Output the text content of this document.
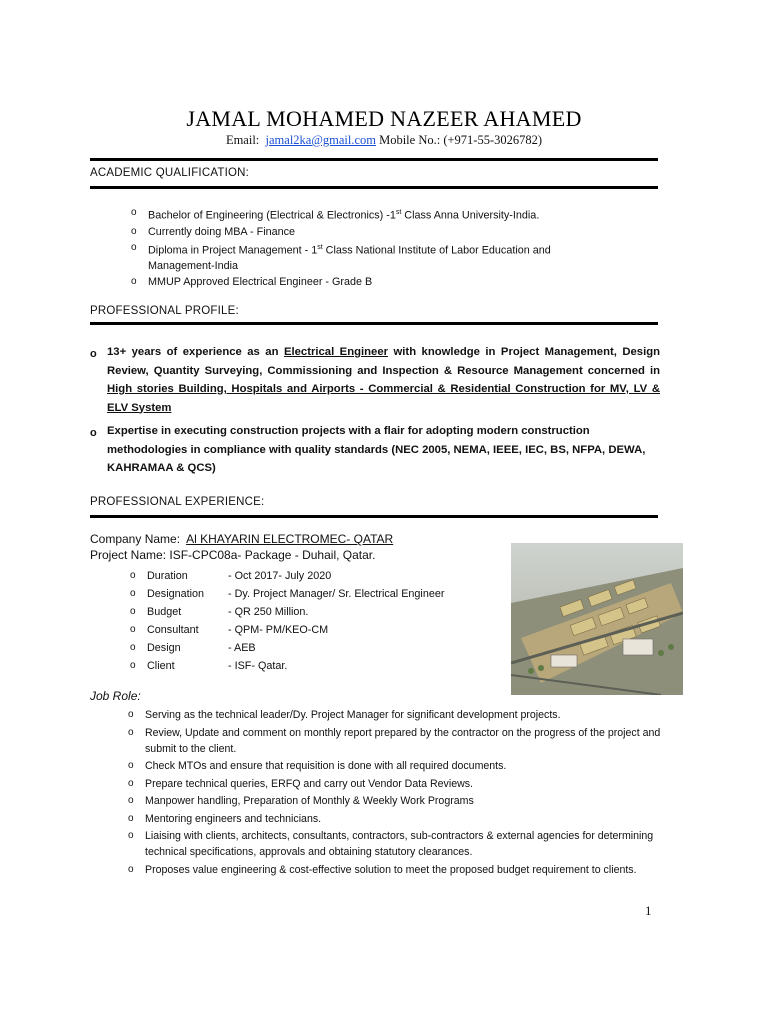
JAMAL MOHAMED NAZEER AHAMED
Email: jamal2ka@gmail.com Mobile No.: (+971-55-3026782)
ACADEMIC QUALIFICATION:
o Bachelor of Engineering (Electrical & Electronics) -1st Class Anna University-India.
o Currently doing MBA - Finance
o Diploma in Project Management - 1st Class National Institute of Labor Education and
Management-India
o MMUP Approved Electrical Engineer - Grade B
PROFESSIONAL PROFILE:
o 13+ years of experience as an Electrical Engineer with knowledge in Project Management, Design Review, Quantity Surveying, Commissioning and Inspection & Resource Management concerned in High stories Building, Hospitals and Airports - Commercial & Residential Construction for MV, LV & ELV System
o Expertise in executing construction projects with a flair for adopting modern construction methodologies in compliance with quality standards (NEC 2005, NEMA, IEEE, IEC, BS, NFPA, DEWA, KAHRAMAA & QCS)
PROFESSIONAL EXPERIENCE:
Company Name: Al KHAYARIN ELECTROMEC- QATAR
Project Name: ISF-CPC08a- Package - Duhail, Qatar.
o Duration	- Oct 2017- July 2020
o Designation - Dy. Project Manager/ Sr. Electrical Engineer
o Budget	- QR 250 Million.
o Consultant	- QPM- PM/KEO-CM
o Design	- AEB
o Client	- ISF- Qatar.
Job Role:
o Serving as the technical leader/Dy. Project Manager for significant development projects.
o Review, Update and comment on monthly report prepared by the contractor on the progress of the project and submit to the client.
o Check MTOs and ensure that requisition is done with all required documents.
o Prepare technical queries, ERFQ and carry out Vendor Data Reviews.
o Manpower handling, Preparation of Monthly & Weekly Work Programs
o Mentoring engineers and technicians.
o Liaising with clients, architects, consultants, contractors, sub-contractors & external agencies for determining technical specifications, approvals and obtaining statutory clearances.
o Proposes value engineering & cost-effective solution to meet the proposed budget requirement to clients.
1
